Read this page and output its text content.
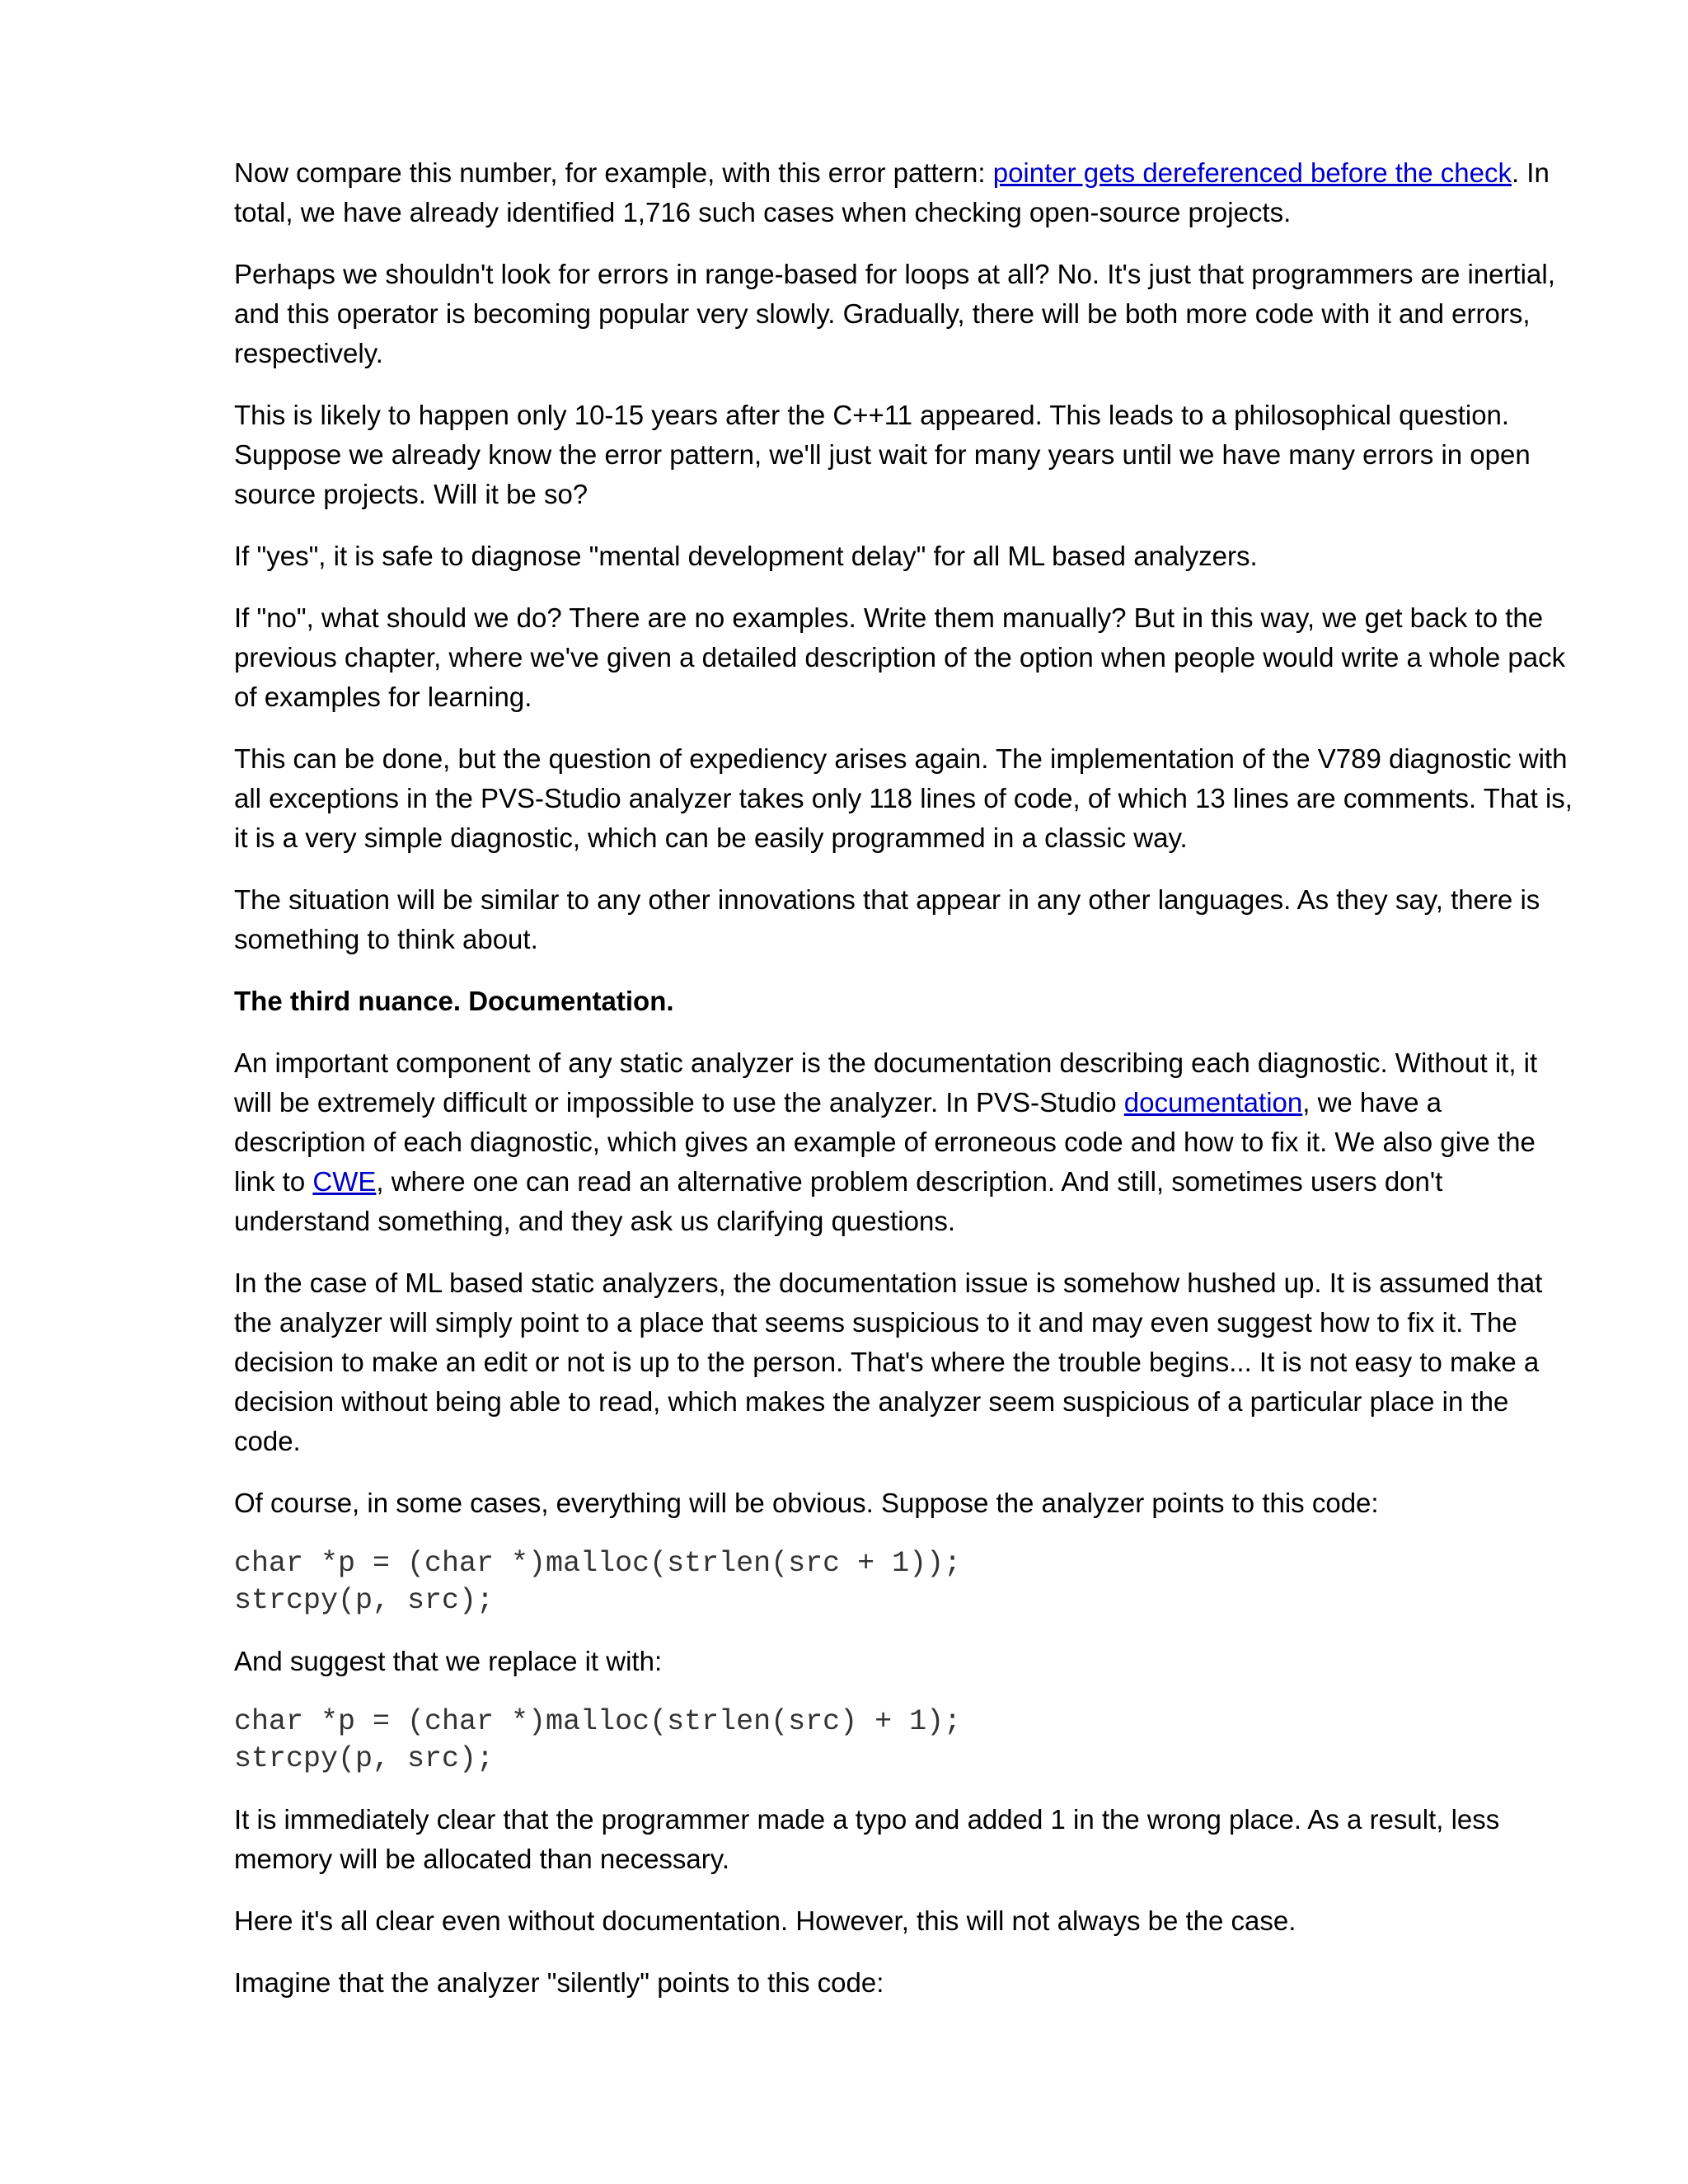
Now compare this number, for example, with this error pattern: pointer gets dereferenced before the check. In total, we have already identified 1,716 such cases when checking open-source projects.

Perhaps we shouldn't look for errors in range-based for loops at all? No. It's just that programmers are inertial, and this operator is becoming popular very slowly. Gradually, there will be both more code with it and errors, respectively.

This is likely to happen only 10-15 years after the C++11 appeared. This leads to a philosophical question. Suppose we already know the error pattern, we'll just wait for many years until we have many errors in open source projects. Will it be so?

If "yes", it is safe to diagnose "mental development delay" for all ML based analyzers.

If "no", what should we do? There are no examples. Write them manually? But in this way, we get back to the previous chapter, where we've given a detailed description of the option when people would write a whole pack of examples for learning.

This can be done, but the question of expediency arises again. The implementation of the V789 diagnostic with all exceptions in the PVS-Studio analyzer takes only 118 lines of code, of which 13 lines are comments. That is, it is a very simple diagnostic, which can be easily programmed in a classic way.

The situation will be similar to any other innovations that appear in any other languages. As they say, there is something to think about.

The third nuance. Documentation.

An important component of any static analyzer is the documentation describing each diagnostic. Without it, it will be extremely difficult or impossible to use the analyzer. In PVS-Studio documentation, we have a description of each diagnostic, which gives an example of erroneous code and how to fix it. We also give the link to CWE, where one can read an alternative problem description. And still, sometimes users don't understand something, and they ask us clarifying questions.

In the case of ML based static analyzers, the documentation issue is somehow hushed up. It is assumed that the analyzer will simply point to a place that seems suspicious to it and may even suggest how to fix it. The decision to make an edit or not is up to the person. That's where the trouble begins... It is not easy to make a decision without being able to read, which makes the analyzer seem suspicious of a particular place in the code.

Of course, in some cases, everything will be obvious. Suppose the analyzer points to this code:

char *p = (char *)malloc(strlen(src + 1));
strcpy(p, src);

And suggest that we replace it with:

char *p = (char *)malloc(strlen(src) + 1);
strcpy(p, src);

It is immediately clear that the programmer made a typo and added 1 in the wrong place. As a result, less memory will be allocated than necessary.

Here it's all clear even without documentation. However, this will not always be the case.

Imagine that the analyzer "silently" points to this code:
